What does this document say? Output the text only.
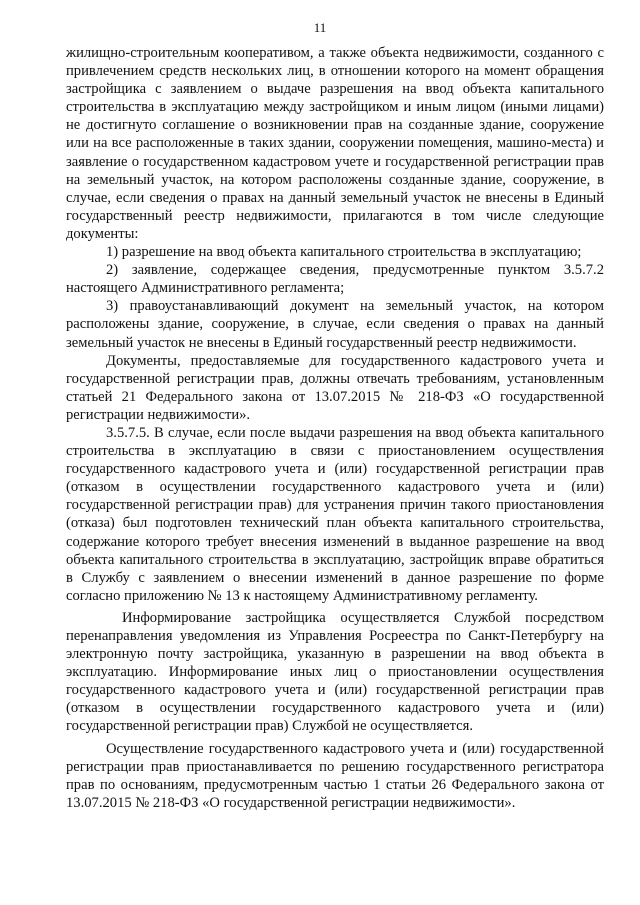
11

жилищно-строительным кооперативом, а также объекта недвижимости, созданного с привлечением средств нескольких лиц, в отношении которого на момент обращения застройщика с заявлением о выдаче разрешения на ввод объекта капитального строительства в эксплуатацию между застройщиком и иным лицом (иными лицами) не достигнуто соглашение о возникновении прав на созданные здание, сооружение или на все расположенные в таких здании, сооружении помещения, машино-места) и заявление о государственном кадастровом учете и государственной регистрации прав на земельный участок, на котором расположены созданные здание, сооружение, в случае, если сведения о правах на данный земельный участок не внесены в Единый государственный реестр недвижимости, прилагаются в том числе следующие документы:

1) разрешение на ввод объекта капитального строительства в эксплуатацию;

2) заявление, содержащее сведения, предусмотренные пунктом 3.5.7.2 настоящего Административного регламента;

3) правоустанавливающий документ на земельный участок, на котором расположены здание, сооружение, в случае, если сведения о правах на данный земельный участок не внесены в Единый государственный реестр недвижимости.

Документы, предоставляемые для государственного кадастрового учета и государственной регистрации прав, должны отвечать требованиям, установленным статьей 21 Федерального закона от 13.07.2015 № 218-ФЗ «О государственной регистрации недвижимости».

3.5.7.5. В случае, если после выдачи разрешения на ввод объекта капитального строительства в эксплуатацию в связи с приостановлением осуществления государственного кадастрового учета и (или) государственной регистрации прав (отказом в осуществлении государственного кадастрового учета и (или) государственной регистрации прав) для устранения причин такого приостановления (отказа) был подготовлен технический план объекта капитального строительства, содержание которого требует внесения изменений в выданное разрешение на ввод объекта капитального строительства в эксплуатацию, застройщик вправе обратиться в Службу с заявлением о внесении изменений в данное разрешение по форме согласно приложению № 13 к настоящему Административному регламенту.

Информирование застройщика осуществляется Службой посредством перенаправления уведомления из Управления Росреестра по Санкт-Петербургу на электронную почту застройщика, указанную в разрешении на ввод объекта в эксплуатацию. Информирование иных лиц о приостановлении осуществления государственного кадастрового учета и (или) государственной регистрации прав (отказом в осуществлении государственного кадастрового учета и (или) государственной регистрации прав) Службой не осуществляется.

Осуществление государственного кадастрового учета и (или) государственной регистрации прав приостанавливается по решению государственного регистратора прав по основаниям, предусмотренным частью 1 статьи 26 Федерального закона от 13.07.2015 № 218-ФЗ «О государственной регистрации недвижимости».
